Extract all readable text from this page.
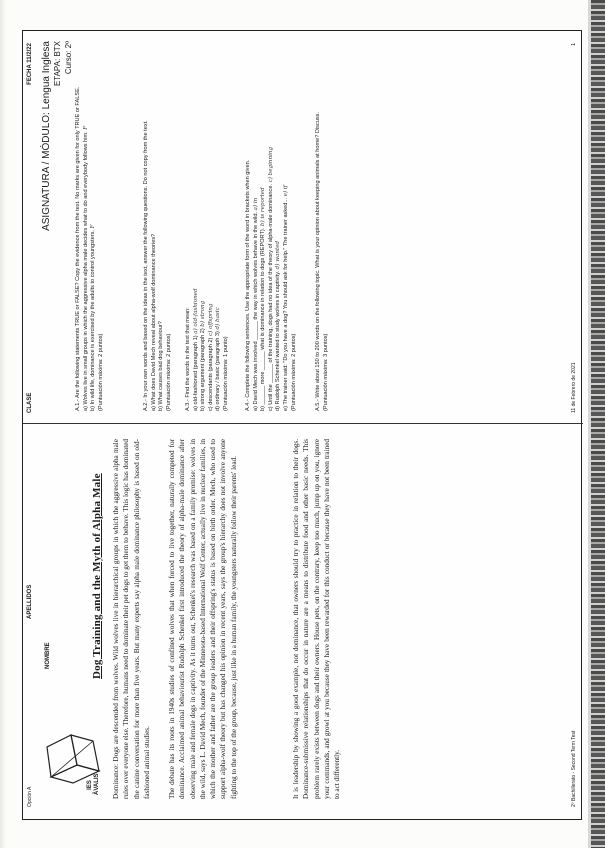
Opción A
APELLIDOS
NOMBRE
IES ÀVALIS
Dog Training and the Myth of Alpha Male Dominance: Dogs are descended from wolves. Wild wolves live in hierarchical groups in which the aggressive alpha male rules over everyone else. Therefore, humans need to dominate their pet dogs to get them to behave. This logic has dominated the canine conversation for more than five years. But many experts say alpha male dominance philosophy is based on old-fashioned animal studies. The debate has its roots in 1940s studies of confined wolves that when forced to live together, naturally competed for dominance. Acclaimed animal behaviourist Rudolph Schenkel first introduced the theory of alpha-male dominance after observing male and female dogs in captivity. As it turns out, Schenkel's research was based on a family promise: wolves in the wild, says L. David Mech, founder of the Minnesota-based International Wolf Center, actually live in nuclear families, in which the mother and father are the group leaders and their offspring's status is based on birth order. Mech, who used to support alpha-wolf theory but has changed his opinion in recent years, says the group's hierarchy does not involve anyone fighting to the top of the group, because, just like in a human family, the youngsters naturally follow their parents' lead.	It is leadership by showing a good example, not dominance, that owners should try to practice in relation to their dogs. Dominance-submissive relationships that do occur in nature are a means to distribute food and other basic needs. This problem rarely exists between dogs and their owners. House pets, on the contrary, keep too much, jump up on you, ignore your commands, and growl at you because they have been rewarded for this conduct or because they have not been trained to act differently.	2º Bachillerato - Second Term Test
CLASE
FECHA 11/2/22 ASIGNATURA / MÓDULO: Lengua Inglesa ETAPA: BTX Curso: 2º
A.1.- Are the following statements TRUE or FALSE? Copy the evidence from the text. No marks are given for only TRUE or FALSE. a) Wolves live in small groups in which the aggressive alpha male decides what to do and everybody follows him. F
b) In wild life, dominance is exercised by the adults to control youngsters. F
(Puntuación máxima: 2 puntos)	A.2.- In your own words and based on the ideas in the text, answer the following questions. Do not copy from the text. a) What does David Mech reveal about alpha-wolf dominance theories? b) What causes bad dog behaviour? (Puntuación máxima: 2 puntos) A.3.- Find the words in the text that mean: a) old-fashioned (paragraph 1) a) old-fashioned
b) strong argument (paragraph 2) b) strong
c) descendants (paragraph 2) c) offspring
d) ordinary / basic (paragraph 3) d) basic
(Puntuación máxima: 1 punto)	A.4.- Complete the following sentences. Use the appropriate form of the word in brackets when given. a) David Mech was involved ______ the way in which wolves behave in the wild. a) in
b) ______ more ______ what is dominance in relation to dogs (REPORT). b) is reported c) Until the ______ of the training, dogs had no idea of the theory of alpha-male dominance. c) beginning
d) Rudolph Schenkel wanted to study wolves in captivity. d) wanted e) The trainer said: "Do you have a dog? You should ask for help." The trainer asked... e) if
(Puntuación máxima: 2 puntos)	A.5.- Write about 150 to 200 words on the following topic. What is your opinion about keeping animals at home? Discuss. (Puntuación máxima: 3 puntos)	11 de Febrero de 2021
1
